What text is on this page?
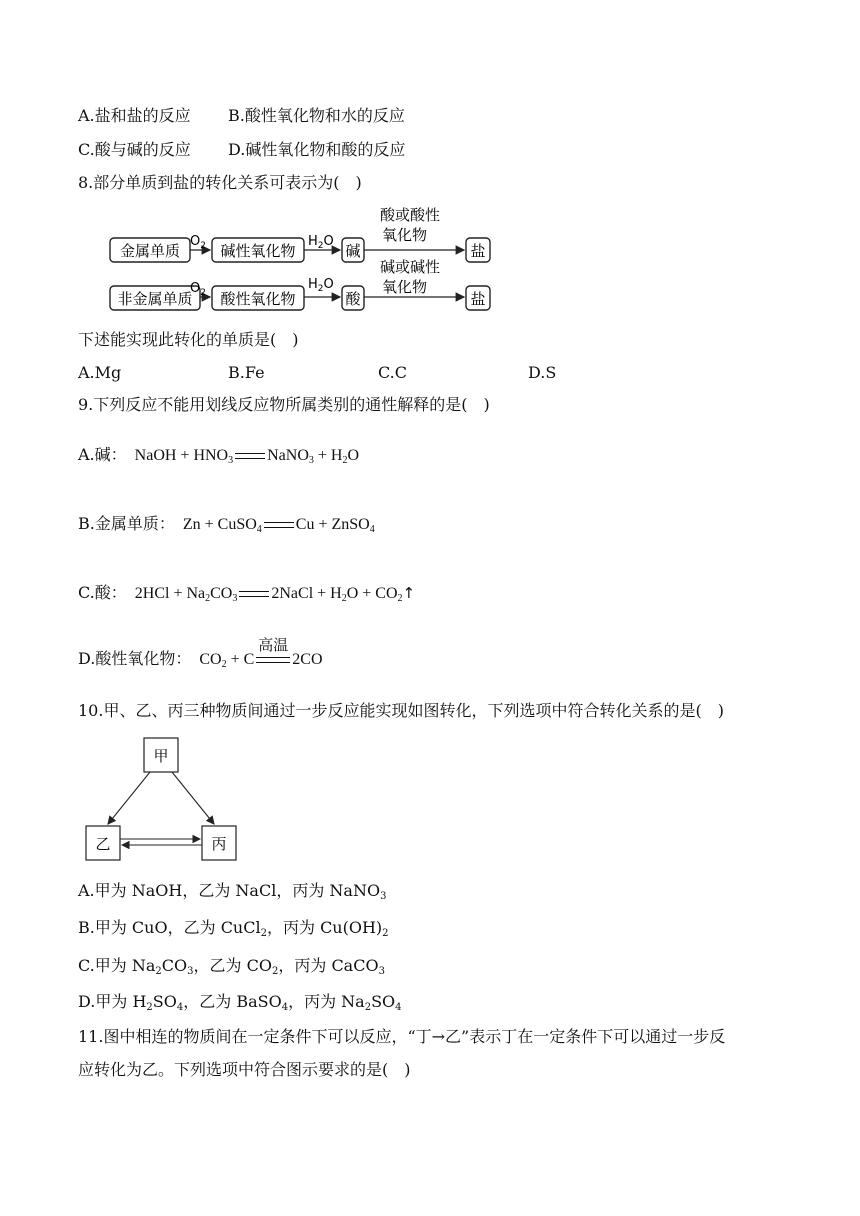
A.盐和盐的反应 B.酸性氧化物和水的反应
C.酸与碱的反应 D.碱性氧化物和酸的反应
8.部分单质到盐的转化关系可表示为(　)
金属单质
$O_2$ 碱性氧化物
$H_2O$
碱
酸或酸性
氧化物
盐
非金属单质
$O_2$ 酸性氧化物
$H_2O$
酸
碱或碱性
氧化物
盐
下述能实现此转化的单质是(　)
A.Mg	B.Fe	C.C	D.S
9.下列反应不能用划线反应物所属类别的通性解释的是(　)
A.碱： NaOH + $HNO_3$ NaNO$_3$ + $H_2O$
B.金属单质： Zn + CuSO$_4$ Cu + ZnSO$_4$
C.酸： $2HCl + Na_2CO_3$ 2NaCl + $H_2O$ + $CO_2↑$
D.酸性氧化物： $CO_2 + C$
高温
2CO
10.甲、乙、丙三种物质间通过一步反应能实现如图转化，下列选项中符合转化关系的是(　)
甲
乙	丙
A.甲为 NaOH，乙为 NaCl，丙为 NaNO$_3$
B.甲为 CuO，乙为 CuCl$_2$，丙为 $Cu(OH)_2$
C.甲为 $Na_2CO_3$，乙为 $CO_2$，丙为 CaCO$_3$
D.甲为 $H_2SO_4$，乙为 BaSO$_4$，丙为 $Na_2SO_4$
11.图中相连的物质间在一定条件下可以反应，“丁→乙”表示丁在一定条件下可以通过一步反
应转化为乙。下列选项中符合图示要求的是(　)
